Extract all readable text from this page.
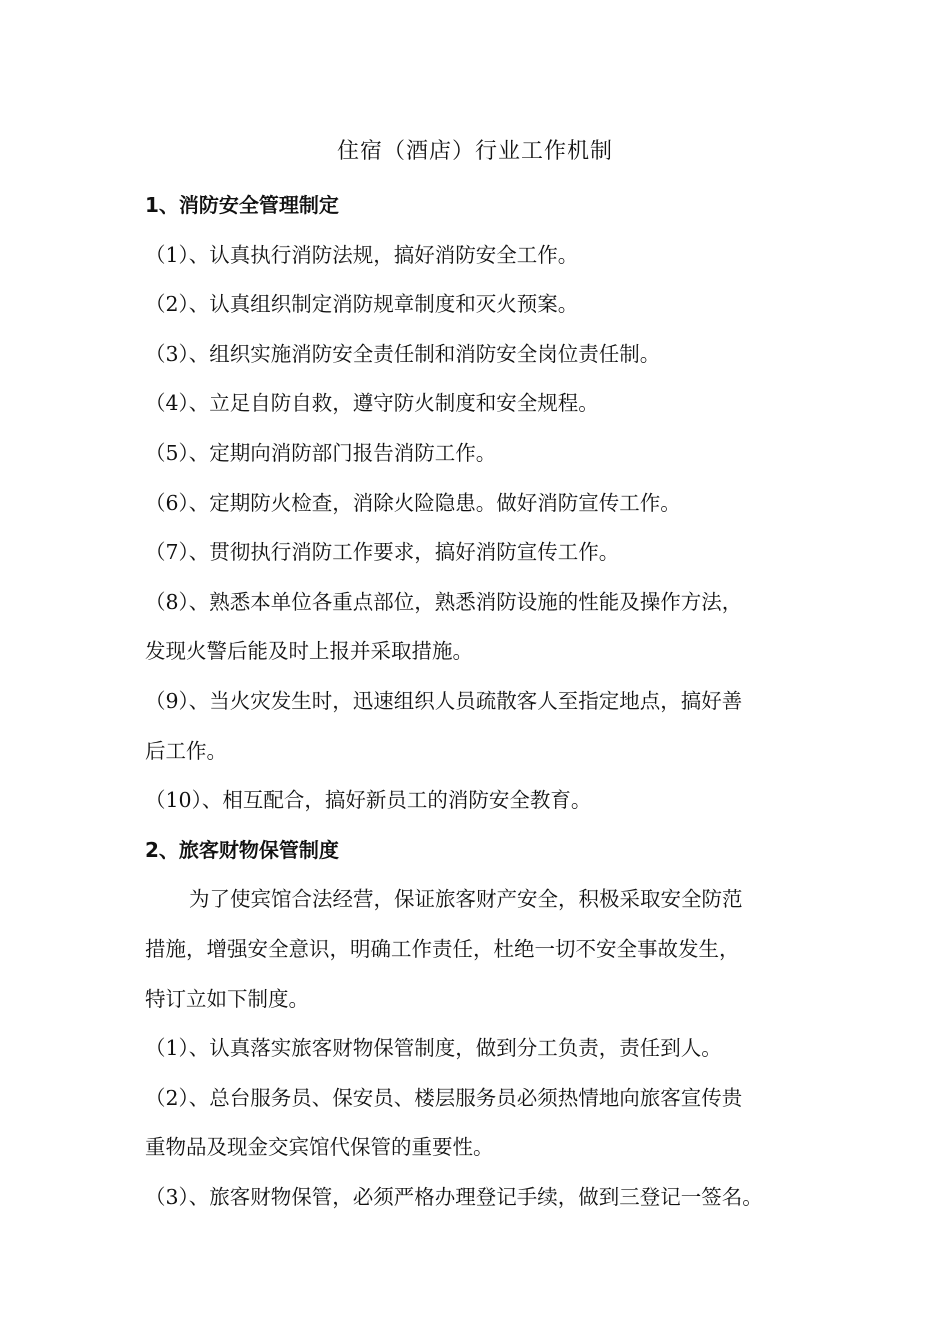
住宿（酒店）行业工作机制
1、消防安全管理制定
（1）、认真执行消防法规，搞好消防安全工作。
（2）、认真组织制定消防规章制度和灭火预案。
（3）、组织实施消防安全责任制和消防安全岗位责任制。
（4）、立足自防自救，遵守防火制度和安全规程。
（5）、定期向消防部门报告消防工作。
（6）、定期防火检查，消除火险隐患。做好消防宣传工作。
（7）、贯彻执行消防工作要求，搞好消防宣传工作。
（8）、熟悉本单位各重点部位，熟悉消防设施的性能及操作方法，
发现火警后能及时上报并采取措施。
（9）、当火灾发生时，迅速组织人员疏散客人至指定地点，搞好善
后工作。
（10）、相互配合，搞好新员工的消防安全教育。
2、旅客财物保管制度
为了使宾馆合法经营，保证旅客财产安全，积极采取安全防范
措施，增强安全意识，明确工作责任，杜绝一切不安全事故发生，
特订立如下制度。
（1）、认真落实旅客财物保管制度，做到分工负责，责任到人。
（2）、总台服务员、保安员、楼层服务员必须热情地向旅客宣传贵
重物品及现金交宾馆代保管的重要性。
（3）、旅客财物保管，必须严格办理登记手续，做到三登记一签名。
